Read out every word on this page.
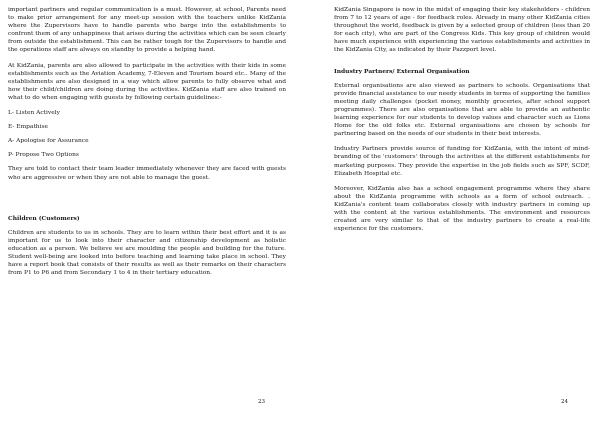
important partners and regular communication is a must. However, at school, Parents need to make prior arrangement for any meet-up session with the teachers unlike KidZania where the Zupervisors have to handle parents who barge into the establishments to confront them of any unhappiness that arises during the activities which can be seen clearly from outside the establishment. This can be rather tough for the Zupervisors to handle and the operations staff are always on standby to provide a helping hand.

At KidZania, parents are also allowed to participate in the activities with their kids in some establishments such as the Aviation Academy, 7-Eleven and Tourism board etc.. Many of the establishments are also designed in a way which allow parents to fully observe what and how their child/children are doing during the activities. KidZania staff are also trained on what to do when engaging with guests by following certain guidelines:-

L- Listen Actively

E- Empathise

A- Apologise for Assurance

P- Propose Two Options

They are told to contact their team leader immediately whenever they are faced with guests who are aggressive or when they are not able to manage the guest.

Children (Customers)

Children are students to us in schools. They are to learn within their best effort and it is as important for us to look into their character and citizenship development as holistic education as a person. We believe we are moulding the people and building for the future. Student well-being are looked into before teaching and learning take place in school. They have a report book that consists of their results as well as their remarks on their characters from P1 to P6 and from Secondary 1 to 4 in their tertiary education.

23

KidZania Singapore is now in the midst of engaging their key stakeholders - children from 7 to 12 years of age - for feedback roles. Already in many other KidZania cities throughout the world, feedback is given by a selected group of children (less than 20 for each city), who are part of the Congress Kids. This key group of children would have much experience with experiencing the various establishments and activities in the KidZania City, as indicated by their Pazzport level.

Industry Partners/ External Organisation

External organisations are also viewed as partners to schools. Organisations that provide financial assistance to our needy students in terms of supporting the families meeting daily challenges (pocket money, monthly groceries, after school support programmes). There are also organisations that are able to provide an authentic learning experience for our students to develop values and character such as Lions Home for the old folks etc. External organisations are chosen by schools for partnering based on the needs of our students in their best interests.

Industry Partners provide source of funding for KidZania, with the intent of mind-branding of the 'customers' through the activities at the different establishments for marketing purposes. They provide the expertise in the job fields such as SPF, SCDF, Elizabeth Hospital etc.

Moreover, KidZania also has a school engagement programme where they share about the KidZania programme with schools as a form of school outreach. . KidZania's content team collaborates closely with industry partners in coming up with the content at the various establishments. The environment and resources created are very similar to that of the industry partners to create a real-life experience for the customers.

24
